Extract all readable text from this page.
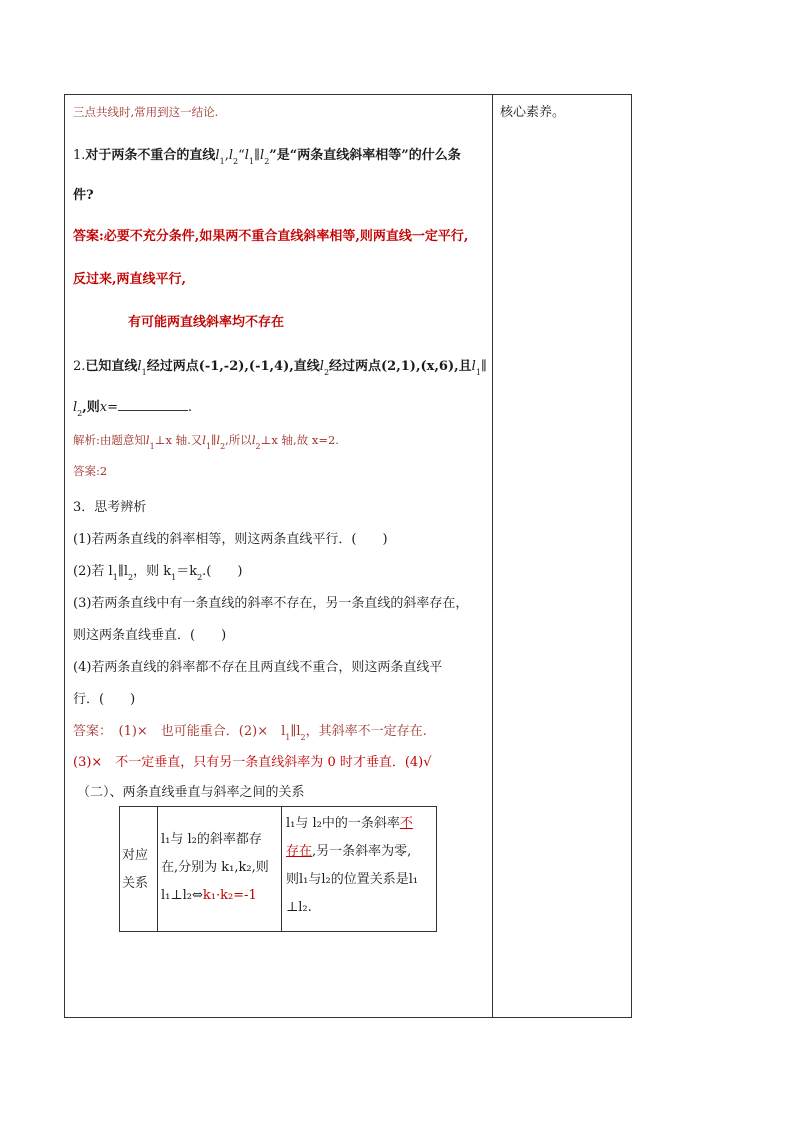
核心素养。
三点共线时,常用到这一结论.
1.对于两条不重合的直线$l_1,l_2“l_1\parallel l_2$”是“两条直线斜率相等”的什么条
件?
答案:必要不充分条件,如果两不重合直线斜率相等,则两直线一定平行,
反过来,两直线平行,
有可能两直线斜率均不存在
2.已知直线$l_1$经过两点(-1,-2),(-1,4),直线$l_2$经过两点(2,1),(x,6),且$l_1\parallel$
$l_2$,则x=	.
解析:由题意知$l_1\perp x$ 轴.又$l_1\parallel l_2$,所以$l_2\perp x$ 轴,故 x=2.
答案:2
3．思考辨析
(1)若两条直线的斜率相等，则这两条直线平行．(　　)
(2)若 $l_1\parallel l_2$，则 $k_1=k_2$.(　　)
(3)若两条直线中有一条直线的斜率不存在，另一条直线的斜率存在，
则这两条直线垂直．(　　)
(4)若两条直线的斜率都不存在且两直线不重合，则这两条直线平
行．(　　)
答案：　(1)×　也可能重合．(2)×　$l_1\parallel l_2$，其斜率不一定存在.
(3)×　不一定垂直，只有另一条直线斜率为 0 时才垂直．(4)√
（二）、两条直线垂直与斜率之间的关系
对应
关系
l₁与 l₂的斜率都存
在,分别为 k₁,k₂,则
l₁⊥l₂⇔k₁·k₂=-1
l₁与 l₂中的一条斜率不
存在,另一条斜率为零,
则l₁与l₂的位置关系是l₁
⊥l₂.
